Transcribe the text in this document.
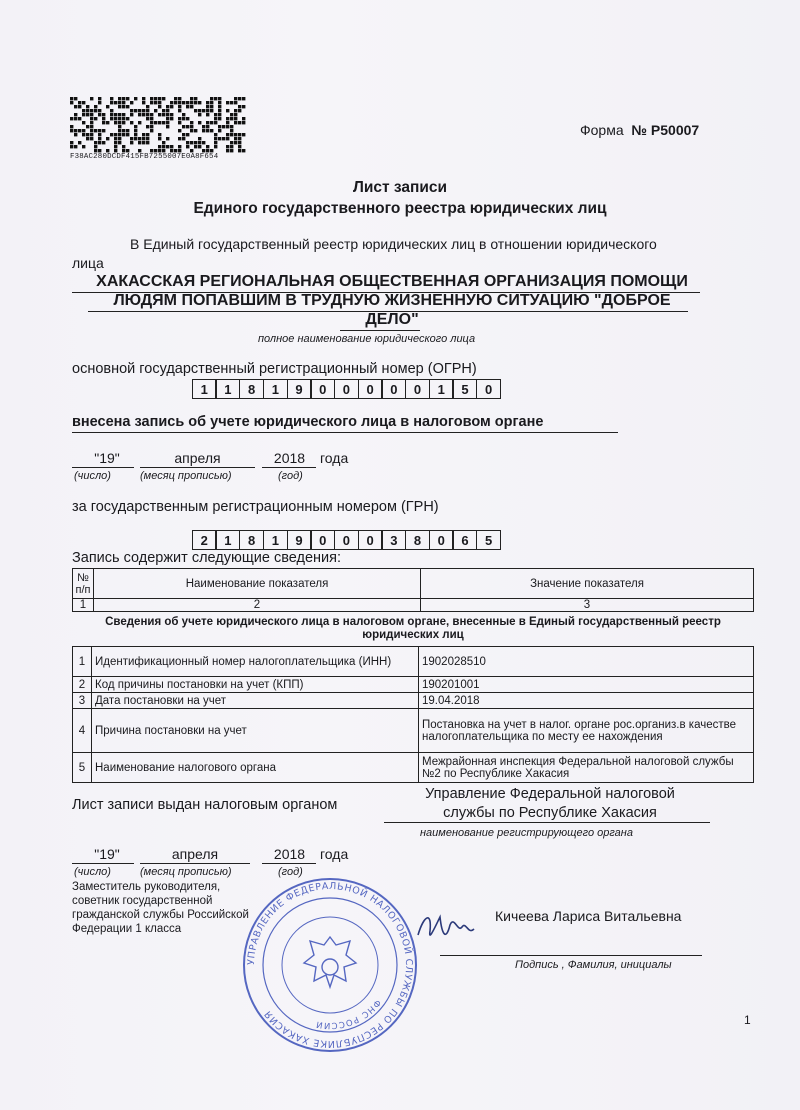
F38AC280DCDF415FB7255007E0A8F654
Форма № Р50007
Лист записи
Единого государственного реестра юридических лиц
В Единый государственный реестр юридических лиц в отношении юридического
лица
ХАКАССКАЯ РЕГИОНАЛЬНАЯ ОБЩЕСТВЕННАЯ ОРГАНИЗАЦИЯ ПОМОЩИ
ЛЮДЯМ ПОПАВШИМ В ТРУДНУЮ ЖИЗНЕННУЮ СИТУАЦИЮ "ДОБРОЕ
ДЕЛО"
полное наименование юридического лица
основной государственный регистрационный номер (ОГРН)
1	1	8	1	9	0	0	0	0	0	1	5	0
внесена запись об учете юридического лица в налоговом органе
"19"	апреля	2018	года
(число)	(месяц прописью)	(год)
за государственным регистрационным номером (ГРН)
2	1	8	1	9	0	0	0	3	8	0	6	5
Запись содержит следующие сведения:
№ п/п	Наименование показателя	Значение показателя
1	2	3
Сведения об учете юридического лица в налоговом органе, внесенные в Единый государственный реестр юридических лиц
1	Идентификационный номер налогоплательщика (ИНН)	1902028510
2	Код причины постановки на учет (КПП)	190201001
3	Дата постановки на учет	19.04.2018
4	Причина постановки на учет	Постановка на учет в налог. органе рос.организ.в качестве налогоплательщика по месту ее нахождения
5	Наименование налогового органа	Межрайонная инспекция Федеральной налоговой службы №2 по Республике Хакасия
Лист записи выдан налоговым органом
Управление Федеральной налоговой
службы по Республике Хакасия
наименование регистрирующего органа
"19"	апреля	2018	года
(число)	(месяц прописью)	(год)
Заместитель руководителя,
советник государственной
гражданской службы Российской
Федерации 1 класса
УПРАВЛЕНИЕ ФЕДЕРАЛЬНОЙ НАЛОГОВОЙ СЛУЖБЫ ПО РЕСПУБЛИКЕ ХАКАСИЯ
ФНС РОССИИ
Кичеева Лариса Витальевна
Подпись , Фамилия, инициалы
1
